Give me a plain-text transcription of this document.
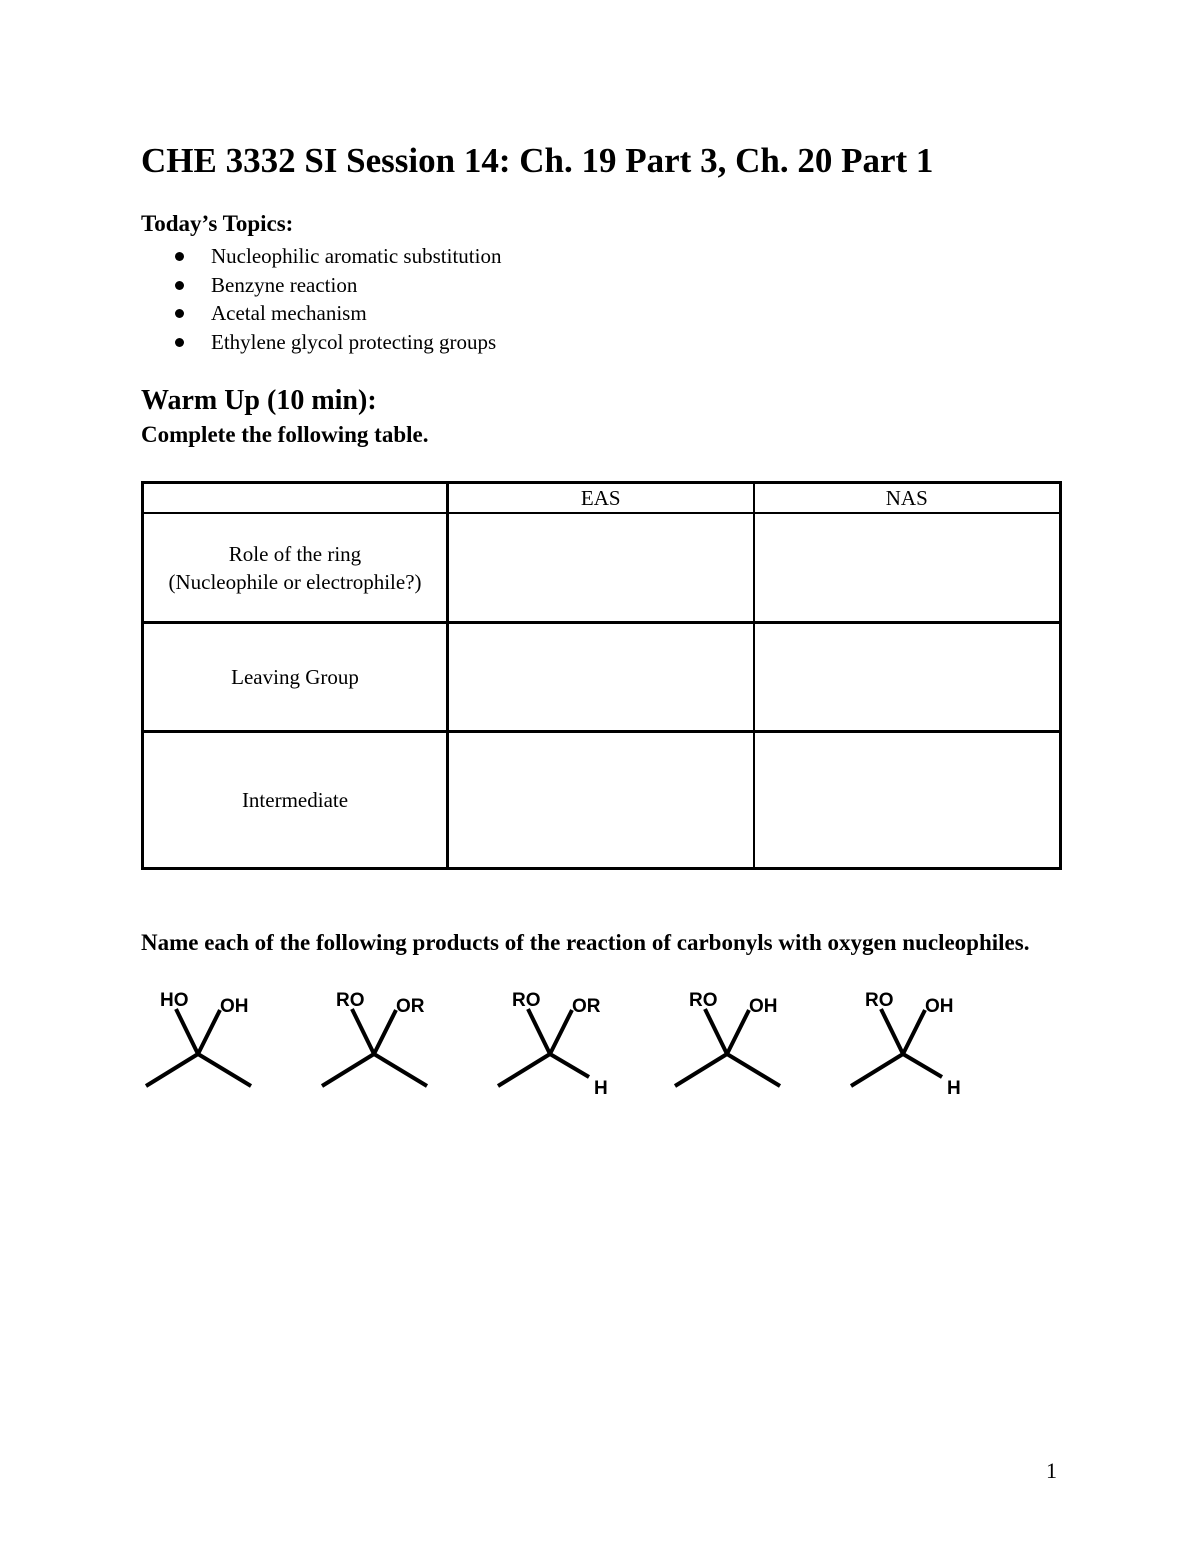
CHE 3332 SI Session 14: Ch. 19 Part 3, Ch. 20 Part 1
Today’s Topics:
Nucleophilic aromatic substitution
Benzyne reaction
Acetal mechanism
Ethylene glycol protecting groups
Warm Up (10 min):

Complete the following table.

	EAS	NAS

Role of the ring
(Nucleophile or electrophile?)		

Leaving Group		

Intermediate		

Name each of the following products of the reaction of carbonyls with oxygen nucleophiles.

HO OH	RO OR	RO OR
H
RO OH	RO OH
H

1
